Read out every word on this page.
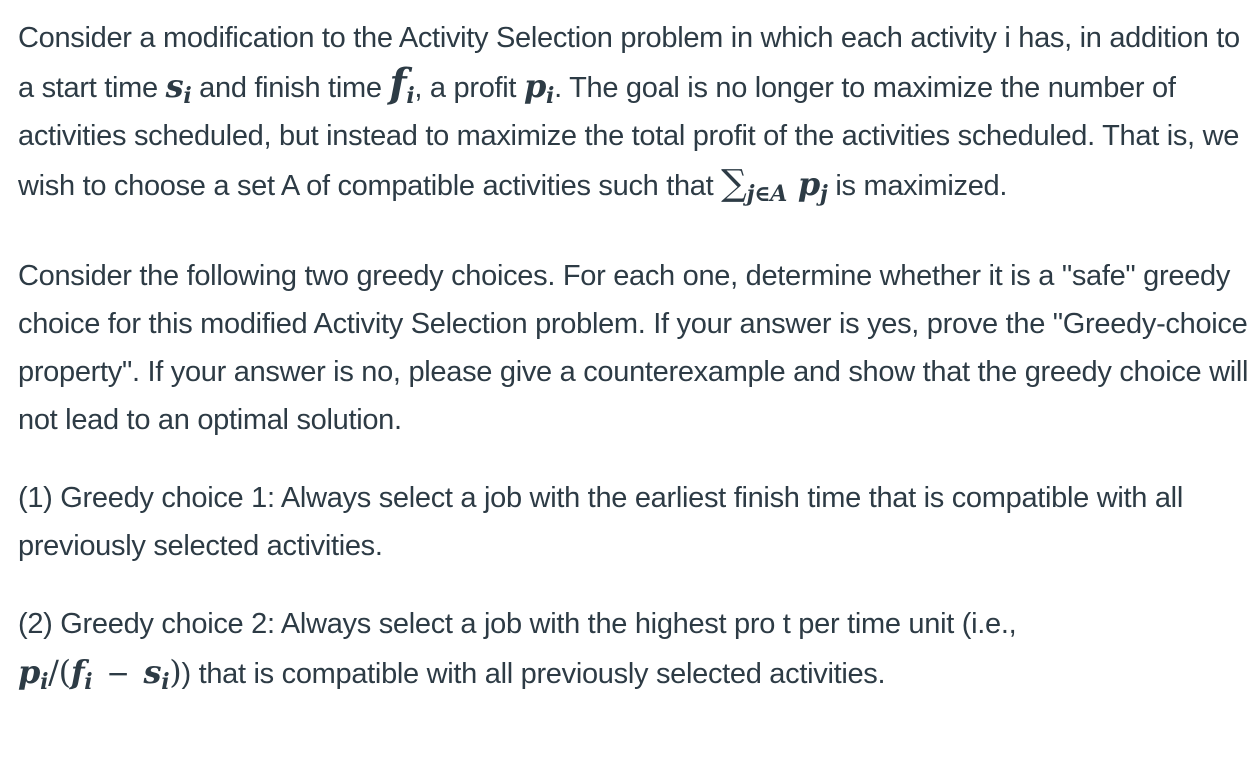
Consider a modification to the Activity Selection problem in which each activity i has, in addition to a start time $s_i$ and finish time $f_i$, a profit $p_i$. The goal is no longer to maximize the number of activities scheduled, but instead to maximize the total profit of the activities scheduled. That is, we wish to choose a set A of compatible activities such that $\sum_{j\in A}$ $p_j$ is maximized.

Consider the following two greedy choices. For each one, determine whether it is a "safe" greedy choice for this modified Activity Selection problem. If your answer is yes, prove the "Greedy-choice property". If your answer is no, please give a counterexample and show that the greedy choice will not lead to an optimal solution.

(1) Greedy choice 1: Always select a job with the earliest finish time that is compatible with all previously selected activities.

(2) Greedy choice 2: Always select a job with the highest pro t per time unit (i.e.,
$p_i/(f_i - s_i)$) that is compatible with all previously selected activities.
